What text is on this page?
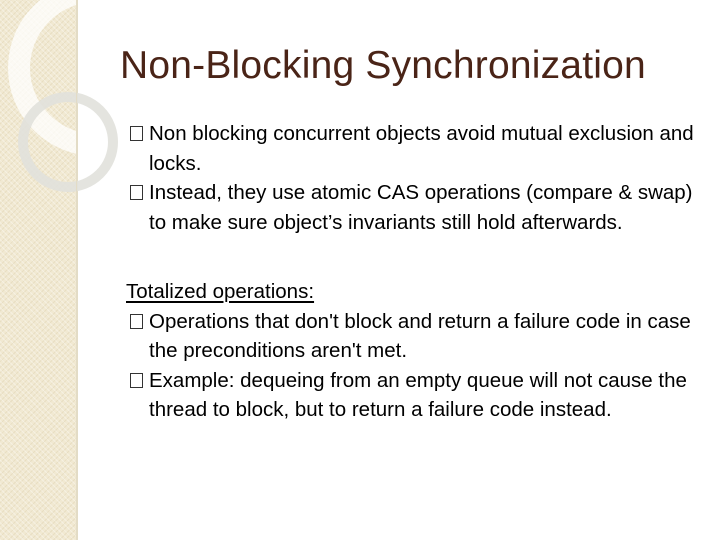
Non-Blocking Synchronization

Non blocking concurrent objects avoid mutual exclusion and locks.

Instead, they use atomic CAS operations (compare & swap) to make sure object’s invariants still hold afterwards.

Totalized operations:

Operations that don't block and return a failure code in case the preconditions aren't met.

Example: dequeing from an empty queue will not cause the thread to block, but to return a failure code instead.
